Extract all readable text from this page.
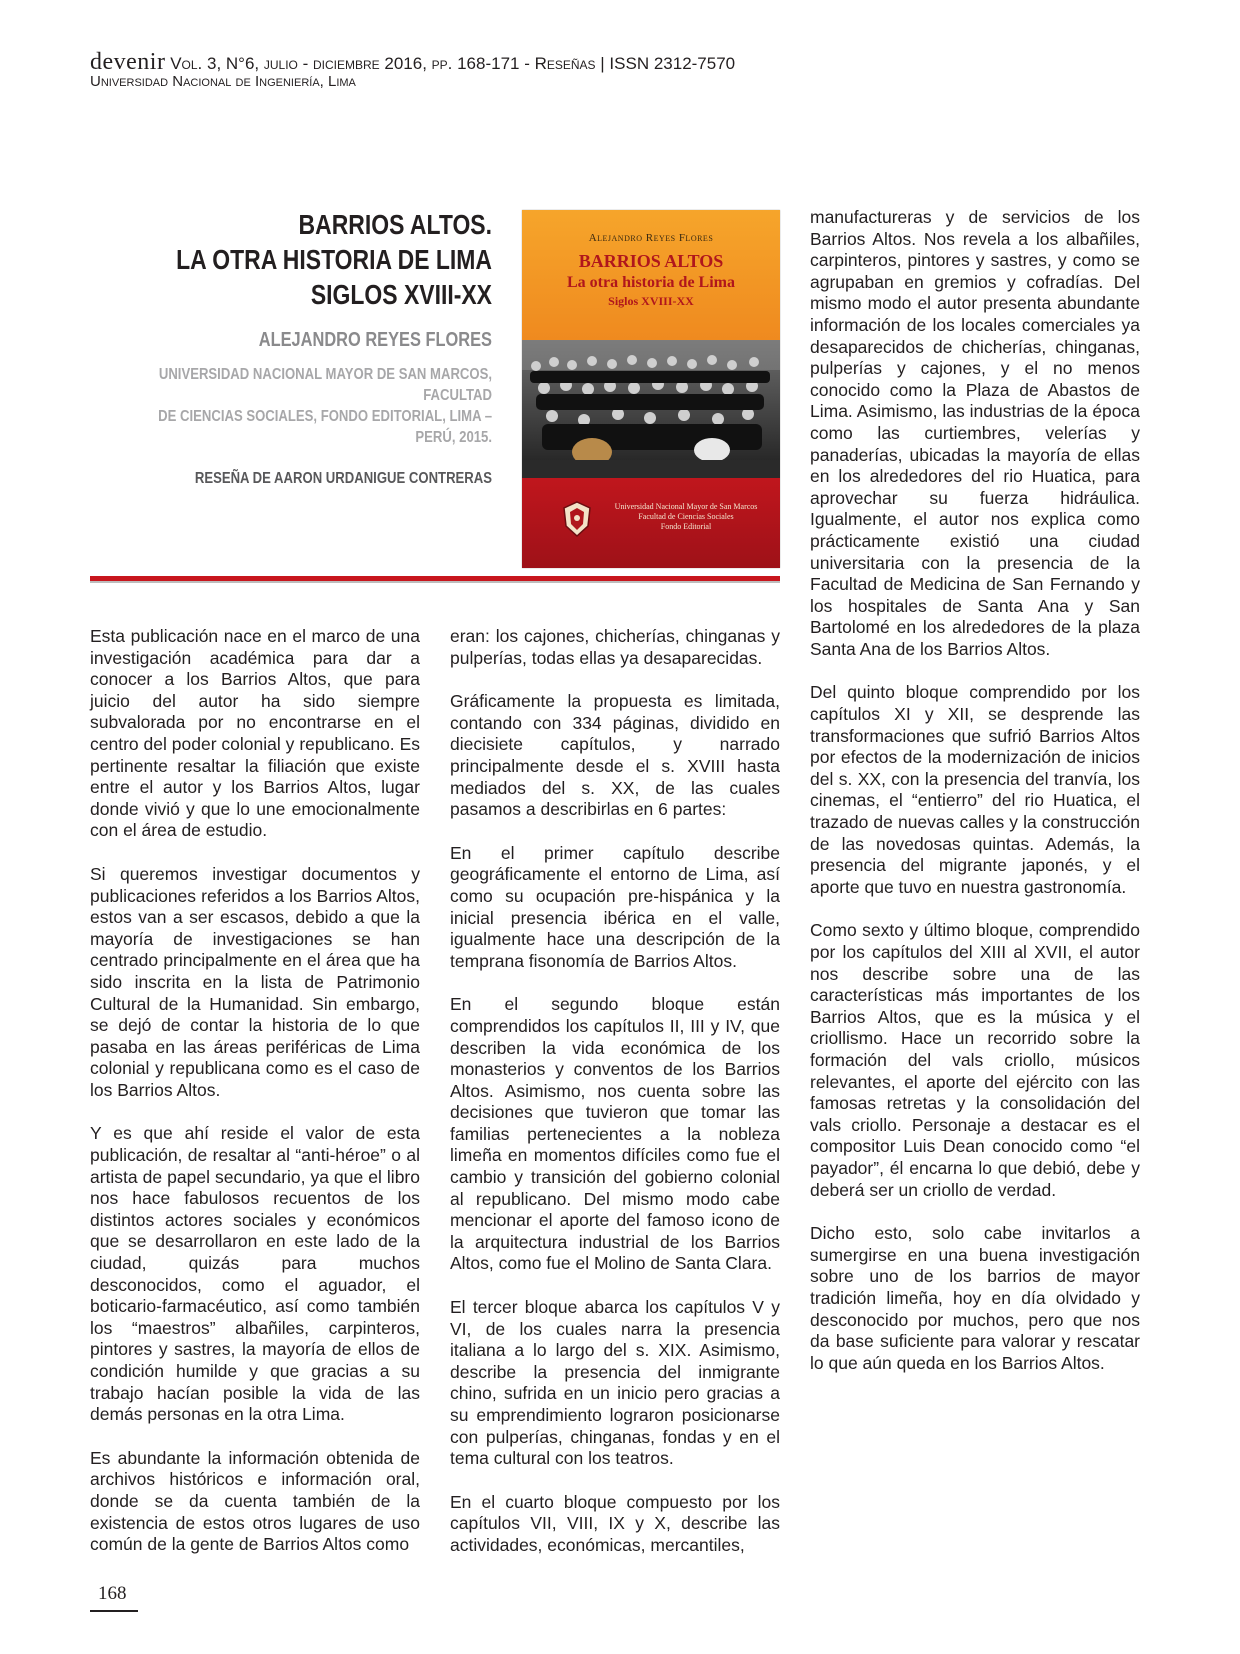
devenir Vol. 3, N°6, julio - diciembre 2016, pp. 168-171 - Reseñas | ISSN 2312-7570
Universidad Nacional de Ingeniería, Lima
BARRIOS ALTOS.
LA OTRA HISTORIA DE LIMA
SIGLOS XVIII-XX
ALEJANDRO REYES FLORES
UNIVERSIDAD NACIONAL MAYOR DE SAN MARCOS, FACULTAD
DE CIENCIAS SOCIALES, FONDO EDITORIAL, LIMA – PERÚ, 2015.
RESEÑA DE AARON URDANIGUE CONTRERAS
Alejandro Reyes Flores
BARRIOS ALTOS
La otra historia de Lima
Siglos XVIII-XX
Universidad Nacional Mayor de San Marcos
Facultad de Ciencias Sociales
Fondo Editorial

Esta publicación nace en el marco de una investigación académica para dar a conocer a los Barrios Altos, que para juicio del autor ha sido siempre subvalorada por no encontrarse en el centro del poder colonial y republicano. Es pertinente resaltar la filiación que existe entre el autor y los Barrios Altos, lugar donde vivió y que lo une emocionalmente con el área de estudio.

Si queremos investigar documentos y publicaciones referidos a los Barrios Altos, estos van a ser escasos, debido a que la mayoría de investigaciones se han centrado principalmente en el área que ha sido inscrita en la lista de Patrimonio Cultural de la Humanidad. Sin embargo, se dejó de contar la historia de lo que pasaba en las áreas periféricas de Lima colonial y republicana como es el caso de los Barrios Altos.

Y es que ahí reside el valor de esta publicación, de resaltar al “anti-héroe” o al artista de papel secundario, ya que el libro nos hace fabulosos recuentos de los distintos actores sociales y económicos que se desarrollaron en este lado de la ciudad, quizás para muchos desconocidos, como el aguador, el boticario-farmacéutico, así como también los “maestros” albañiles, carpinteros, pintores y sastres, la mayoría de ellos de condición humilde y que gracias a su trabajo hacían posible la vida de las demás personas en la otra Lima.

Es abundante la información obtenida de archivos históricos e información oral, donde se da cuenta también de la existencia de estos otros lugares de uso común de la gente de Barrios Altos como

eran: los cajones, chicherías, chinganas y pulperías, todas ellas ya desaparecidas.

Gráficamente la propuesta es limitada, contando con 334 páginas, dividido en diecisiete capítulos, y narrado principalmente desde el s. XVIII hasta mediados del s. XX, de las cuales pasamos a describirlas en 6 partes:

En el primer capítulo describe geográficamente el entorno de Lima, así como su ocupación pre-hispánica y la inicial presencia ibérica en el valle, igualmente hace una descripción de la temprana fisonomía de Barrios Altos.

En el segundo bloque están comprendidos los capítulos II, III y IV, que describen la vida económica de los monasterios y conventos de los Barrios Altos. Asimismo, nos cuenta sobre las decisiones que tuvieron que tomar las familias pertenecientes a la nobleza limeña en momentos difíciles como fue el cambio y transición del gobierno colonial al republicano. Del mismo modo cabe mencionar el aporte del famoso icono de la arquitectura industrial de los Barrios Altos, como fue el Molino de Santa Clara.

El tercer bloque abarca los capítulos V y VI, de los cuales narra la presencia italiana a lo largo del s. XIX. Asimismo, describe la presencia del inmigrante chino, sufrida en un inicio pero gracias a su emprendimiento lograron posicionarse con pulperías, chinganas, fondas y en el tema cultural con los teatros.

En el cuarto bloque compuesto por los capítulos VII, VIII, IX y X, describe las actividades, económicas, mercantiles,

manufactureras y de servicios de los Barrios Altos. Nos revela a los albañiles, carpinteros, pintores y sastres, y como se agrupaban en gremios y cofradías. Del mismo modo el autor presenta abundante información de los locales comerciales ya desaparecidos de chicherías, chinganas, pulperías y cajones, y el no menos conocido como la Plaza de Abastos de Lima. Asimismo, las industrias de la época como las curtiembres, velerías y panaderías, ubicadas la mayoría de ellas en los alrededores del rio Huatica, para aprovechar su fuerza hidráulica. Igualmente, el autor nos explica como prácticamente existió una ciudad universitaria con la presencia de la Facultad de Medicina de San Fernando y los hospitales de Santa Ana y San Bartolomé en los alrededores de la plaza Santa Ana de los Barrios Altos.

Del quinto bloque comprendido por los capítulos XI y XII, se desprende las transformaciones que sufrió Barrios Altos por efectos de la modernización de inicios del s. XX, con la presencia del tranvía, los cinemas, el “entierro” del rio Huatica, el trazado de nuevas calles y la construcción de las novedosas quintas. Además, la presencia del migrante japonés, y el aporte que tuvo en nuestra gastronomía.

Como sexto y último bloque, comprendido por los capítulos del XIII al XVII, el autor nos describe sobre una de las características más importantes de los Barrios Altos, que es la música y el criollismo. Hace un recorrido sobre la formación del vals criollo, músicos relevantes, el aporte del ejército con las famosas retretas y la consolidación del vals criollo. Personaje a destacar es el compositor Luis Dean conocido como “el payador”, él encarna lo que debió, debe y deberá ser un criollo de verdad.

Dicho esto, solo cabe invitarlos a sumergirse en una buena investigación sobre uno de los barrios de mayor tradición limeña, hoy en día olvidado y desconocido por muchos, pero que nos da base suficiente para valorar y rescatar lo que aún queda en los Barrios Altos.

168
